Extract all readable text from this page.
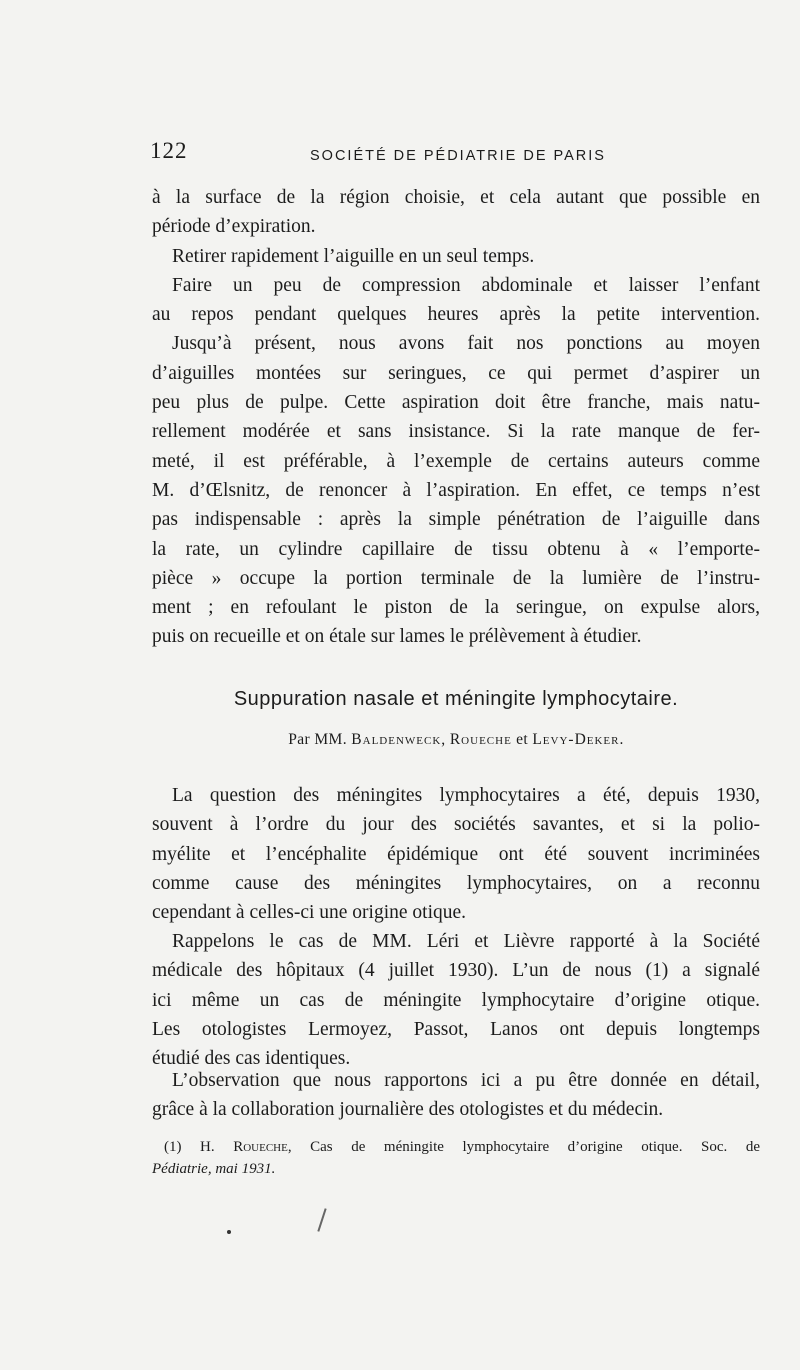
122	SOCIÉTÉ DE PÉDIATRIE DE PARIS

à la surface de la région choisie, et cela autant que possible en
période d’expiration.
Retirer rapidement l’aiguille en un seul temps.
Faire un peu de compression abdominale et laisser l’enfant
au repos pendant quelques heures après la petite intervention.
Jusqu’à présent, nous avons fait nos ponctions au moyen
d’aiguilles montées sur seringues, ce qui permet d’aspirer un
peu plus de pulpe. Cette aspiration doit être franche, mais natu-
rellement modérée et sans insistance. Si la rate manque de fer-
meté, il est préférable, à l’exemple de certains auteurs comme
M. d’Œlsnitz, de renoncer à l’aspiration. En effet, ce temps n’est
pas indispensable : après la simple pénétration de l’aiguille dans
la rate, un cylindre capillaire de tissu obtenu à « l’emporte-
pièce » occupe la portion terminale de la lumière de l’instru-
ment ; en refoulant le piston de la seringue, on expulse alors,
puis on recueille et on étale sur lames le prélèvement à étudier.

Suppuration nasale et méningite lymphocytaire.

Par MM. Baldenweck, Roueche et Levy-Deker.

La question des méningites lymphocytaires a été, depuis 1930,
souvent à l’ordre du jour des sociétés savantes, et si la polio-
myélite et l’encéphalite épidémique ont été souvent incriminées
comme cause des méningites lymphocytaires, on a reconnu
cependant à celles-ci une origine otique.

Rappelons le cas de MM. Léri et Lièvre rapporté à la Société
médicale des hôpitaux (4 juillet 1930). L’un de nous (1) a signalé
ici même un cas de méningite lymphocytaire d’origine otique.
Les otologistes Lermoyez, Passot, Lanos ont depuis longtemps
étudié des cas identiques.

L’observation que nous rapportons ici a pu être donnée en détail,
grâce à la collaboration journalière des otologistes et du médecin.

(1) H. Roueche, Cas de méningite lymphocytaire d’origine otique. Soc. de
Pédiatrie, mai 1931.
